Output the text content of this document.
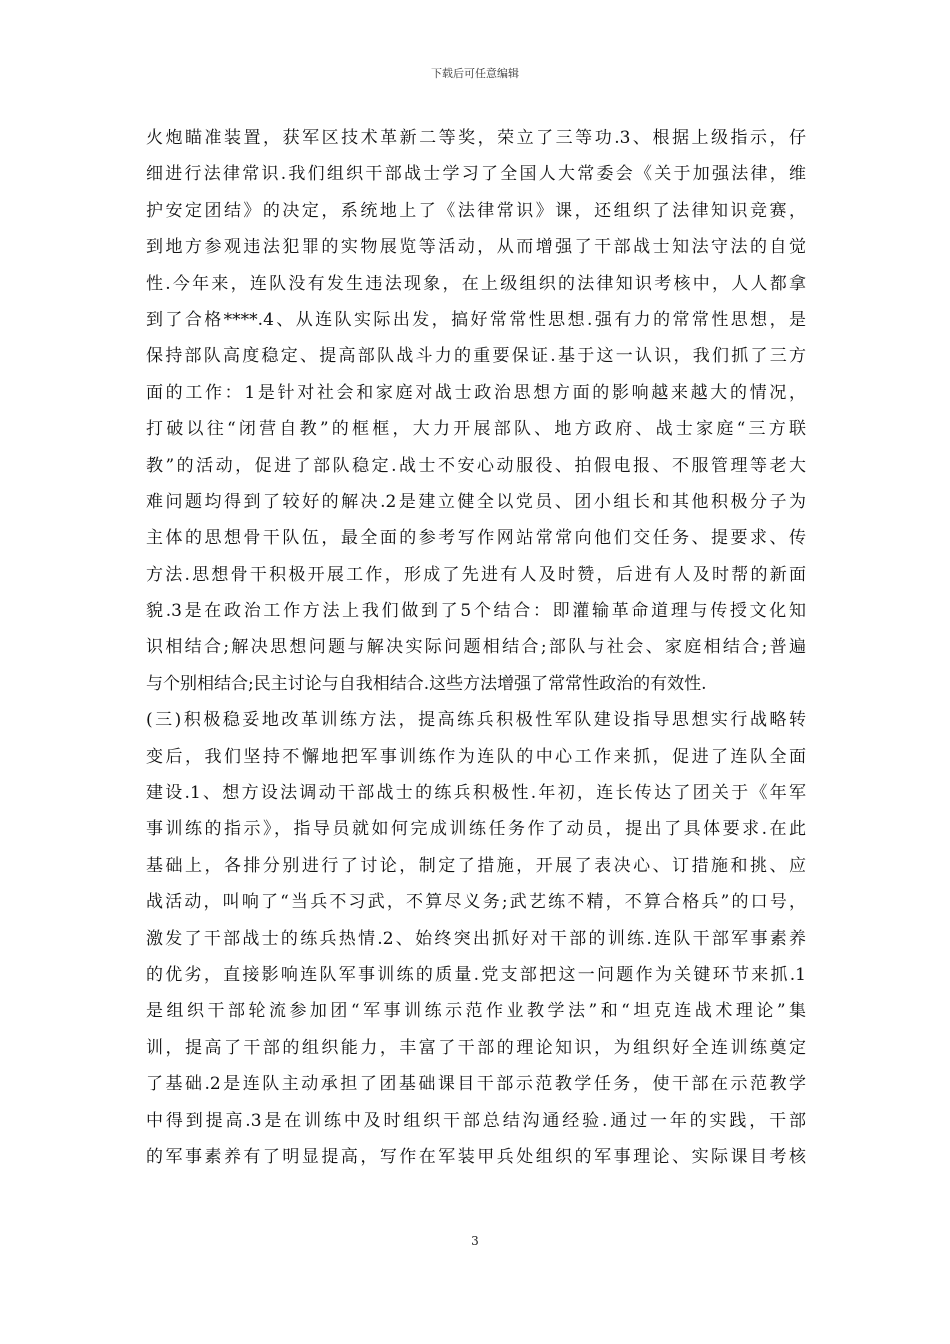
下载后可任意编辑
火炮瞄准装置，获军区技术革新二等奖，荣立了三等功.3、根据上级指示，仔
细进行法律常识.我们组织干部战士学习了全国人大常委会《关于加强法律，维
护安定团结》的决定，系统地上了《法律常识》课，还组织了法律知识竞赛，
到地方参观违法犯罪的实物展览等活动，从而增强了干部战士知法守法的自觉
性.今年来，连队没有发生违法现象，在上级组织的法律知识考核中，人人都拿
到了合格****.4、从连队实际出发，搞好常常性思想.强有力的常常性思想，是
保持部队高度稳定、提高部队战斗力的重要保证.基于这一认识，我们抓了三方
面的工作：1是针对社会和家庭对战士政治思想方面的影响越来越大的情况，
打破以往“闭营自教”的框框，大力开展部队、地方政府、战士家庭“三方联
教”的活动，促进了部队稳定.战士不安心动服役、拍假电报、不服管理等老大
难问题均得到了较好的解决.2是建立健全以党员、团小组长和其他积极分子为
主体的思想骨干队伍，最全面的参考写作网站常常向他们交任务、提要求、传
方法.思想骨干积极开展工作，形成了先进有人及时赞，后进有人及时帮的新面
貌.3是在政治工作方法上我们做到了5个结合：即灌输革命道理与传授文化知
识相结合;解决思想问题与解决实际问题相结合;部队与社会、家庭相结合;普遍
与个别相结合;民主讨论与自我相结合.这些方法增强了常常性政治的有效性.
(三)积极稳妥地改革训练方法，提高练兵积极性军队建设指导思想实行战略转
变后，我们坚持不懈地把军事训练作为连队的中心工作来抓，促进了连队全面
建设.1、想方设法调动干部战士的练兵积极性.年初，连长传达了团关于《年军
事训练的指示》，指导员就如何完成训练任务作了动员，提出了具体要求.在此
基础上，各排分别进行了讨论，制定了措施，开展了表决心、订措施和挑、应
战活动，叫响了“当兵不习武，不算尽义务;武艺练不精，不算合格兵”的口号，
激发了干部战士的练兵热情.2、始终突出抓好对干部的训练.连队干部军事素养
的优劣，直接影响连队军事训练的质量.党支部把这一问题作为关键环节来抓.1
是组织干部轮流参加团“军事训练示范作业教学法”和“坦克连战术理论”集
训，提高了干部的组织能力，丰富了干部的理论知识，为组织好全连训练奠定
了基础.2是连队主动承担了团基础课目干部示范教学任务，使干部在示范教学
中得到提高.3是在训练中及时组织干部总结沟通经验.通过一年的实践，干部
的军事素养有了明显提高，写作在军装甲兵处组织的军事理论、实际课目考核
3
